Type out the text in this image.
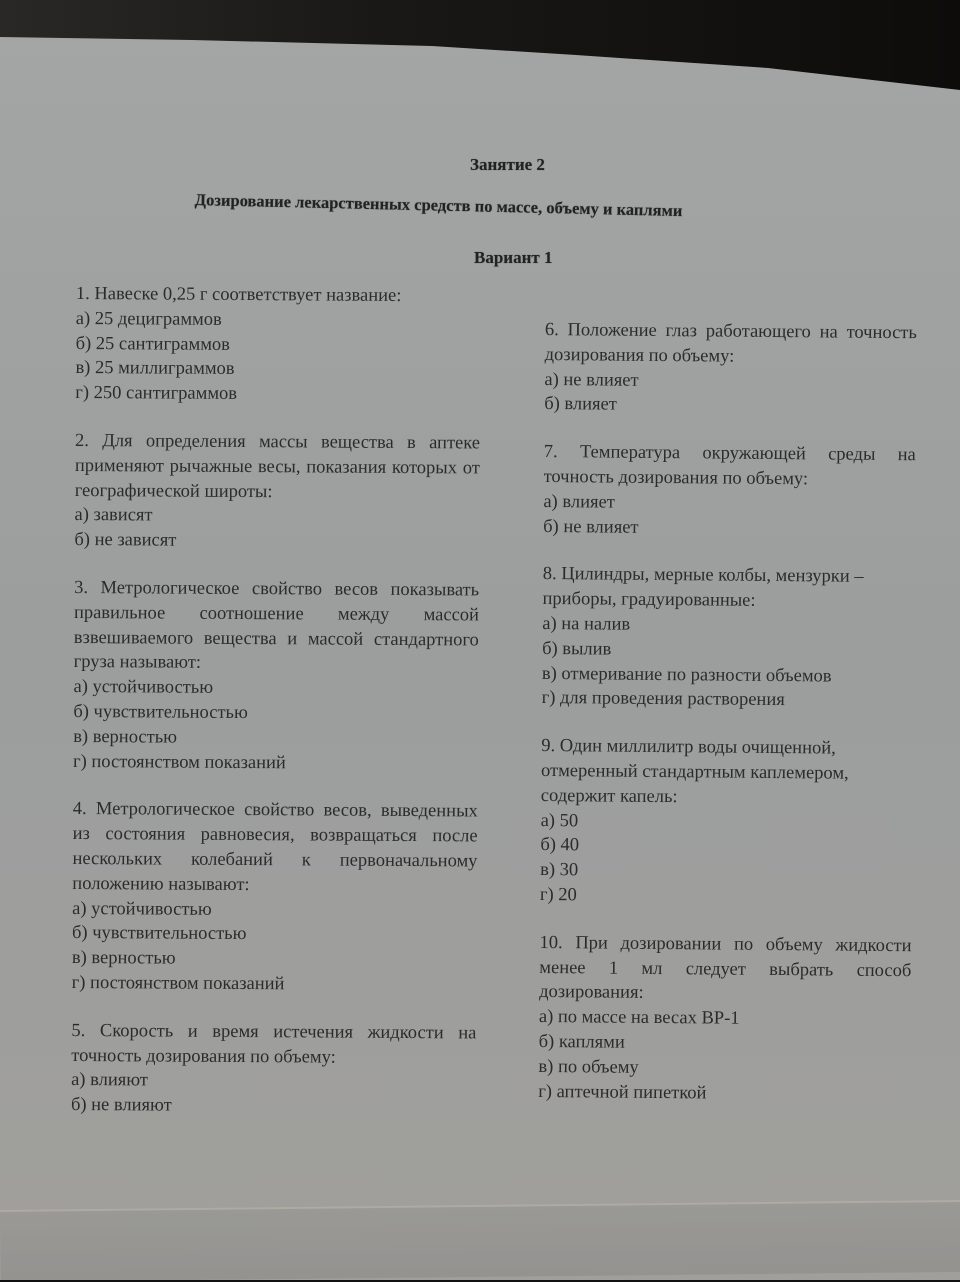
Занятие 2
Дозирование лекарственных средств по массе, объему и каплями
Вариант 1
1. Навеске 0,25 г соответствует название:
а) 25 дециграммов
б) 25 сантиграммов
в) 25 миллиграммов
г) 250 сантиграммов
2. Для определения массы вещества в аптеке применяют рычажные весы, показания которых от географической широты:
а) зависят
б) не зависят
3. Метрологическое свойство весов показывать правильное соотношение между массой взвешиваемого вещества и массой стандартного груза называют:
а) устойчивостью
б) чувствительностью
в) верностью
г) постоянством показаний
4. Метрологическое свойство весов, выведенных из состояния равновесия, возвращаться после нескольких колебаний к первоначальному положению называют:
а) устойчивостью
б) чувствительностью
в) верностью
г) постоянством показаний
5. Скорость и время истечения жидкости на точность дозирования по объему:
а) влияют
б) не влияют
6. Положение глаз работающего на точность дозирования по объему:
а) не влияет
б) влияет
7. Температура окружающей среды на точность дозирования по объему:
а) влияет
б) не влияет
8. Цилиндры, мерные колбы, мензурки – приборы, градуированные:
а) на налив
б) вылив
в) отмеривание по разности объемов
г) для проведения растворения
9. Один миллилитр воды очищенной, отмеренный стандартным каплемером, содержит капель:
а) 50
б) 40
в) 30
г) 20
10. При дозировании по объему жидкости менее 1 мл следует выбрать способ дозирования:
а) по массе на весах ВР-1
б) каплями
в) по объему
г) аптечной пипеткой
